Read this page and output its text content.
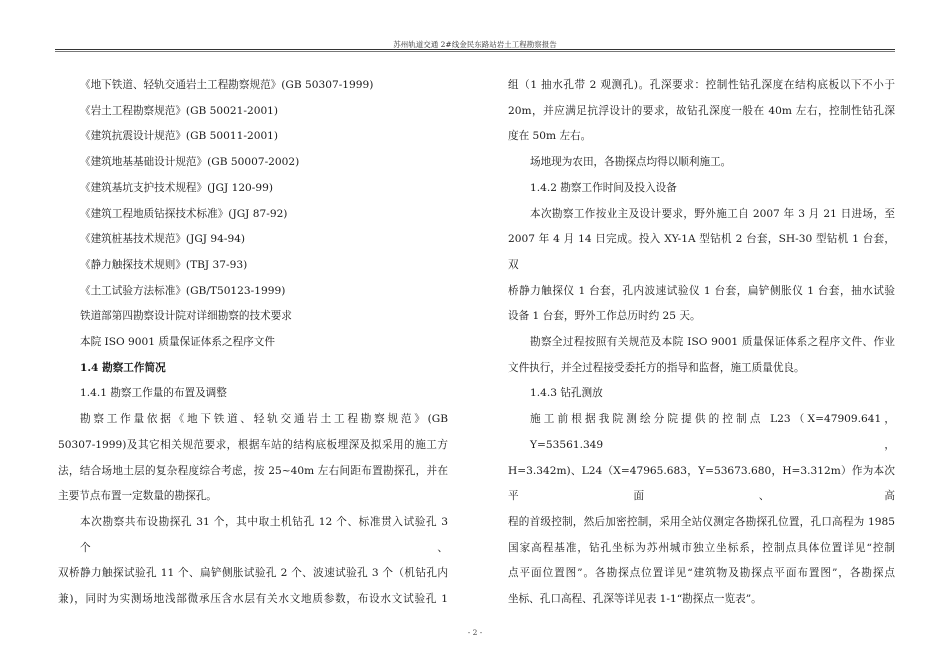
苏州轨道交通 2#线金民东路站岩土工程勘察报告
《地下铁道、轻轨交通岩土工程勘察规范》(GB 50307-1999)
《岩土工程勘察规范》(GB 50021-2001)
《建筑抗震设计规范》(GB 50011-2001)
《建筑地基基础设计规范》(GB 50007-2002)
《建筑基坑支护技术规程》(JGJ 120-99)
《建筑工程地质钻探技术标准》(JGJ 87-92)
《建筑桩基技术规范》(JGJ 94-94)
《静力触探技术规则》(TBJ 37-93)
《土工试验方法标准》(GB/T50123-1999)
铁道部第四勘察设计院对详细勘察的技术要求
本院 ISO 9001 质量保证体系之程序文件
1.4 勘察工作简况
1.4.1 勘察工作量的布置及调整
勘察工作量依据《地下铁道、轻轨交通岩土工程勘察规范》(GB
50307-1999)及其它相关规范要求，根据车站的结构底板埋深及拟采用的施工方
法，结合场地土层的复杂程度综合考虑，按 25~40m 左右间距布置勘探孔，并在
主要节点布置一定数量的勘探孔。
本次勘察共布设勘探孔 31 个，其中取土机钻孔 12 个、标准贯入试验孔 3 个、
双桥静力触探试验孔 11 个、扁铲侧胀试验孔 2 个、波速试验孔 3 个（机钻孔内
兼)，同时为实测场地浅部微承压含水层有关水文地质参数，布设水文试验孔 1
组（1 抽水孔带 2 观测孔)。孔深要求：控制性钻孔深度在结构底板以下不小于
20m，并应满足抗浮设计的要求，故钻孔深度一般在 40m 左右，控制性钻孔深
度在 50m 左右。
场地现为农田，各勘探点均得以顺利施工。
1.4.2 勘察工作时间及投入设备
本次勘察工作按业主及设计要求，野外施工自 2007 年 3 月 21 日进场，至
2007 年 4 月 14 日完成。投入 XY-1A 型钻机 2 台套，SH-30 型钻机 1 台套，双
桥静力触探仪 1 台套，孔内波速试验仪 1 台套，扁铲侧胀仪 1 台套，抽水试验
设备 1 台套，野外工作总历时约 25 天。
勘察全过程按照有关规范及本院 ISO 9001 质量保证体系之程序文件、作业
文件执行，并全过程接受委托方的指导和监督，施工质量优良。
1.4.3 钻孔测放
施工前根据我院测绘分院提供的控制点 L23（X=47909.641，Y=53561.349，
H=3.342m)、L24（X=47965.683，Y=53673.680，H=3.312m）作为本次平面、高
程的首级控制，然后加密控制，采用全站仪测定各勘探孔位置，孔口高程为 1985
国家高程基准，钻孔坐标为苏州城市独立坐标系，控制点具体位置详见“控制
点平面位置图”。各勘探点位置详见“建筑物及勘探点平面布置图”，各勘探点
坐标、孔口高程、孔深等详见表 1-1“勘探点一览表”。
- 2 -
